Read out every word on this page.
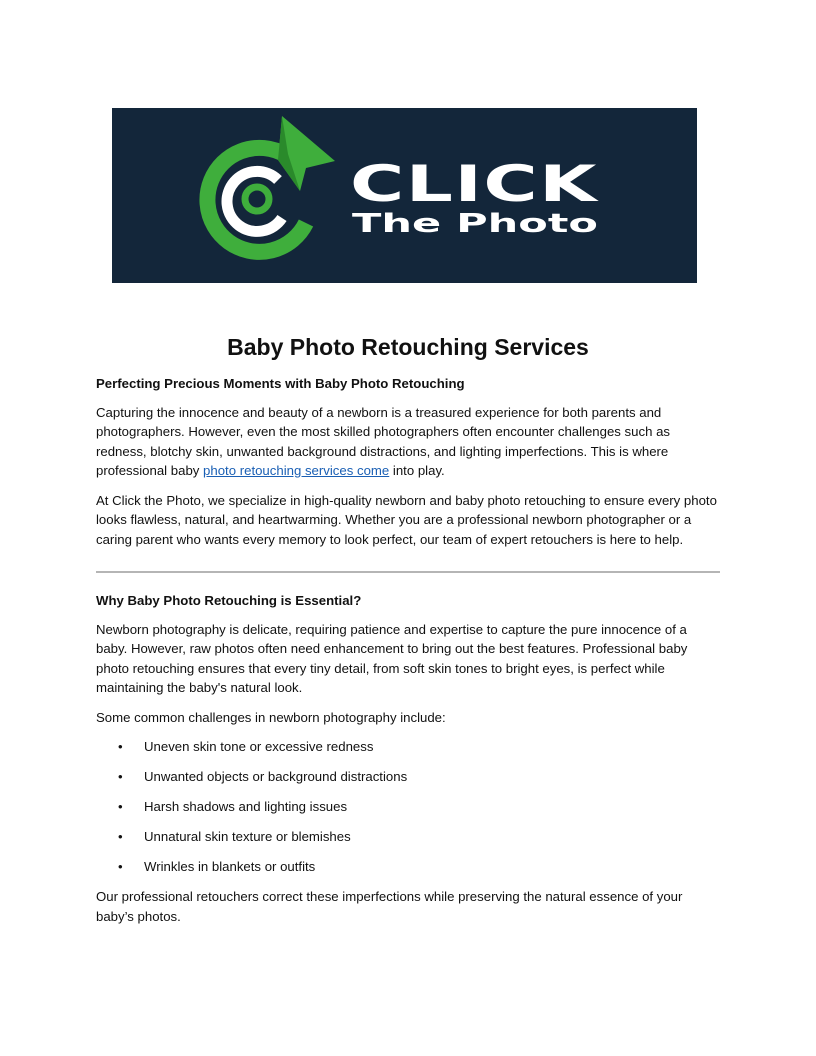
CLICK
The Photo
Baby Photo Retouching Services

Perfecting Precious Moments with Baby Photo Retouching

Capturing the innocence and beauty of a newborn is a treasured experience for both parents and photographers. However, even the most skilled photographers often encounter challenges such as redness, blotchy skin, unwanted background distractions, and lighting imperfections. This is where professional baby photo retouching services come into play.

At Click the Photo, we specialize in high-quality newborn and baby photo retouching to ensure every photo looks flawless, natural, and heartwarming. Whether you are a professional newborn photographer or a caring parent who wants every memory to look perfect, our team of expert retouchers is here to help.

Why Baby Photo Retouching is Essential?

Newborn photography is delicate, requiring patience and expertise to capture the pure innocence of a baby. However, raw photos often need enhancement to bring out the best features. Professional baby photo retouching ensures that every tiny detail, from soft skin tones to bright eyes, is perfect while maintaining the baby's natural look.

Some common challenges in newborn photography include:

• Uneven skin tone or excessive redness
• Unwanted objects or background distractions
• Harsh shadows and lighting issues
• Unnatural skin texture or blemishes
• Wrinkles in blankets or outfits

Our professional retouchers correct these imperfections while preserving the natural essence of your baby’s photos.
